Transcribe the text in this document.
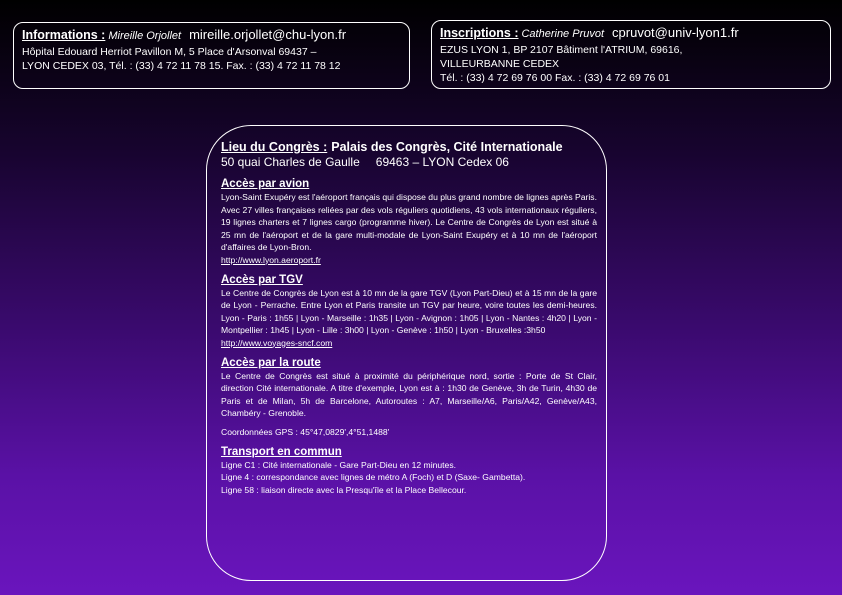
Informations : Mireille Orjollet mireille.orjollet@chu-lyon.fr
Hôpital Edouard Herriot Pavillon M, 5 Place d'Arsonval 69437 –
LYON CEDEX 03, Tél. : (33) 4 72 11 78 15. Fax. : (33) 4 72 11 78 12
Inscriptions : Catherine Pruvot cpruvot@univ-lyon1.fr
EZUS LYON 1, BP 2107 Bâtiment l'ATRIUM, 69616,
VILLEURBANNE CEDEX
Tél. : (33) 4 72 69 76 00 Fax. : (33) 4 72 69 76 01
Lieu du Congrès : Palais des Congrès, Cité Internationale
50 quai Charles de Gaulle 69463 – LYON Cedex 06
Accès par avion
Lyon-Saint Exupéry est l'aéroport français qui dispose du plus grand nombre de lignes après Paris. Avec 27 villes françaises reliées par des vols réguliers quotidiens, 43 vols internationaux réguliers, 19 lignes charters et 7 lignes cargo (programme hiver). Le Centre de Congrès de Lyon est situé à 25 mn de l'aéroport et de la gare multi-modale de Lyon-Saint Exupéry et à 10 mn de l'aéroport d'affaires de Lyon-Bron.
http://www.lyon.aeroport.fr
Accès par TGV
Le Centre de Congrès de Lyon est à 10 mn de la gare TGV (Lyon Part-Dieu) et à 15 mn de la gare de Lyon - Perrache. Entre Lyon et Paris transite un TGV par heure, voire toutes les demi-heures. Lyon - Paris : 1h55 | Lyon - Marseille : 1h35 | Lyon - Avignon : 1h05 | Lyon - Nantes : 4h20 | Lyon - Montpellier : 1h45 | Lyon - Lille : 3h00 | Lyon - Genève : 1h50 | Lyon - Bruxelles :3h50
http://www.voyages-sncf.com
Accès par la route
Le Centre de Congrès est situé à proximité du périphérique nord, sortie : Porte de St Clair, direction Cité internationale. A titre d'exemple, Lyon est à : 1h30 de Genève, 3h de Turin, 4h30 de Paris et de Milan, 5h de Barcelone, Autoroutes : A7, Marseille/A6, Paris/A42, Genève/A43, Chambéry - Grenoble.
Coordonnées GPS : 45°47,0829',4°51,1488'
Transport en commun
Ligne C1 : Cité internationale - Gare Part-Dieu en 12 minutes.
Ligne 4 : correspondance avec lignes de métro A (Foch) et D (Saxe- Gambetta).
Ligne 58 : liaison directe avec la Presqu'île et la Place Bellecour.
